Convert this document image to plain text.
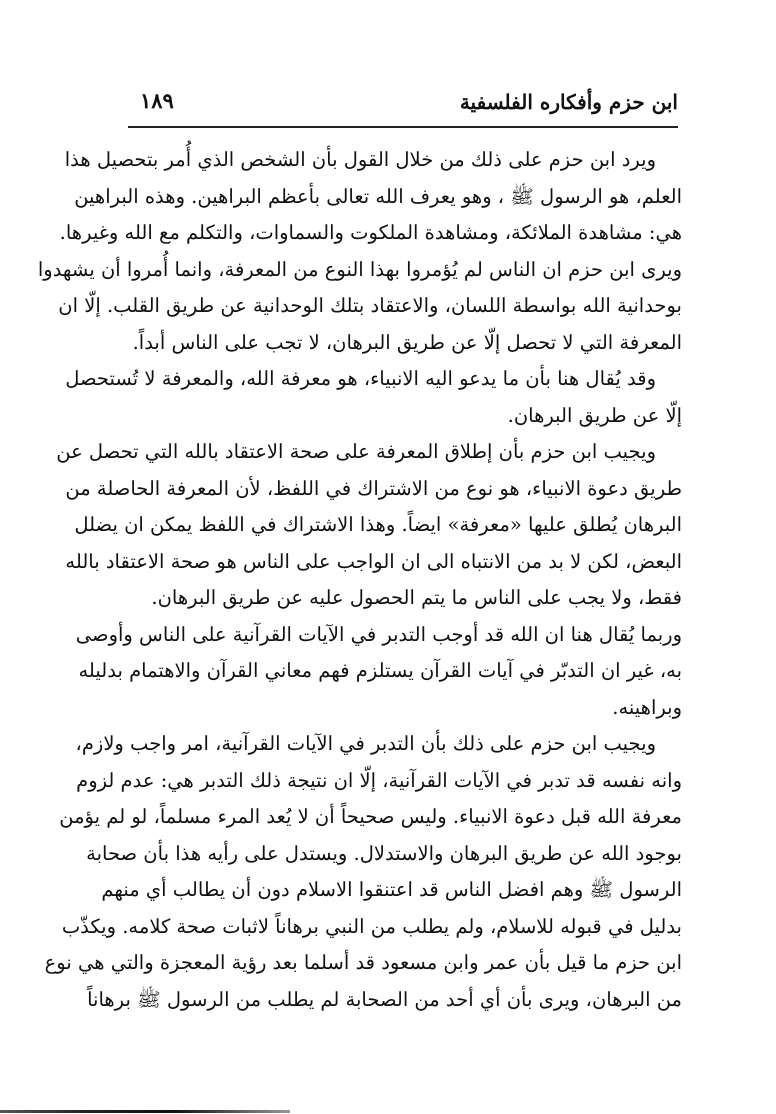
ابن حزم وأفكاره الفلسفية
١٨٩
ويرد ابن حزم على ذلك من خلال القول بأن الشخص الذي أُمر بتحصيل هذا
العلم، هو الرسول ﷺ ، وهو يعرف الله تعالى بأعظم البراهين. وهذه البراهين
هي: مشاهدة الملائكة، ومشاهدة الملكوت والسماوات، والتكلم مع الله وغيرها.
ويرى ابن حزم ان الناس لم يُؤمروا بهذا النوع من المعرفة، وانما أُمروا أن يشهدوا
بوحدانية الله بواسطة اللسان، والاعتقاد بتلك الوحدانية عن طريق القلب. إلّا ان
المعرفة التي لا تحصل إلّا عن طريق البرهان، لا تجب على الناس أبداً.
وقد يُقال هنا بأن ما يدعو اليه الانبياء، هو معرفة الله، والمعرفة لا تُستحصل
إلّا عن طريق البرهان.
ويجيب ابن حزم بأن إطلاق المعرفة على صحة الاعتقاد بالله التي تحصل عن
طريق دعوة الانبياء، هو نوع من الاشتراك في اللفظ، لأن المعرفة الحاصلة من
البرهان يُطلق عليها «معرفة» ايضاً. وهذا الاشتراك في اللفظ يمكن ان يضلل
البعض، لكن لا بد من الانتباه الى ان الواجب على الناس هو صحة الاعتقاد بالله
فقط، ولا يجب على الناس ما يتم الحصول عليه عن طريق البرهان.
وربما يُقال هنا ان الله قد أوجب التدبر في الآيات القرآنية على الناس وأوصى
به، غير ان التدبّر في آيات القرآن يستلزم فهم معاني القرآن والاهتمام بدليله
وبراهينه.
ويجيب ابن حزم على ذلك بأن التدبر في الآيات القرآنية، امر واجب ولازم،
وانه نفسه قد تدبر في الآيات القرآنية، إلّا ان نتيجة ذلك التدبر هي: عدم لزوم
معرفة الله قبل دعوة الانبياء. وليس صحيحاً أن لا يُعد المرء مسلماً، لو لم يؤمن
بوجود الله عن طريق البرهان والاستدلال. ويستدل على رأيه هذا بأن صحابة
الرسول ﷺ وهم افضل الناس قد اعتنقوا الاسلام دون أن يطالب أي منهم
بدليل في قبوله للاسلام، ولم يطلب من النبي برهاناً لاثبات صحة كلامه. ويكذّب
ابن حزم ما قيل بأن عمر وابن مسعود قد أسلما بعد رؤية المعجزة والتي هي نوع
من البرهان، ويرى بأن أي أحد من الصحابة لم يطلب من الرسول ﷺ برهاناً
